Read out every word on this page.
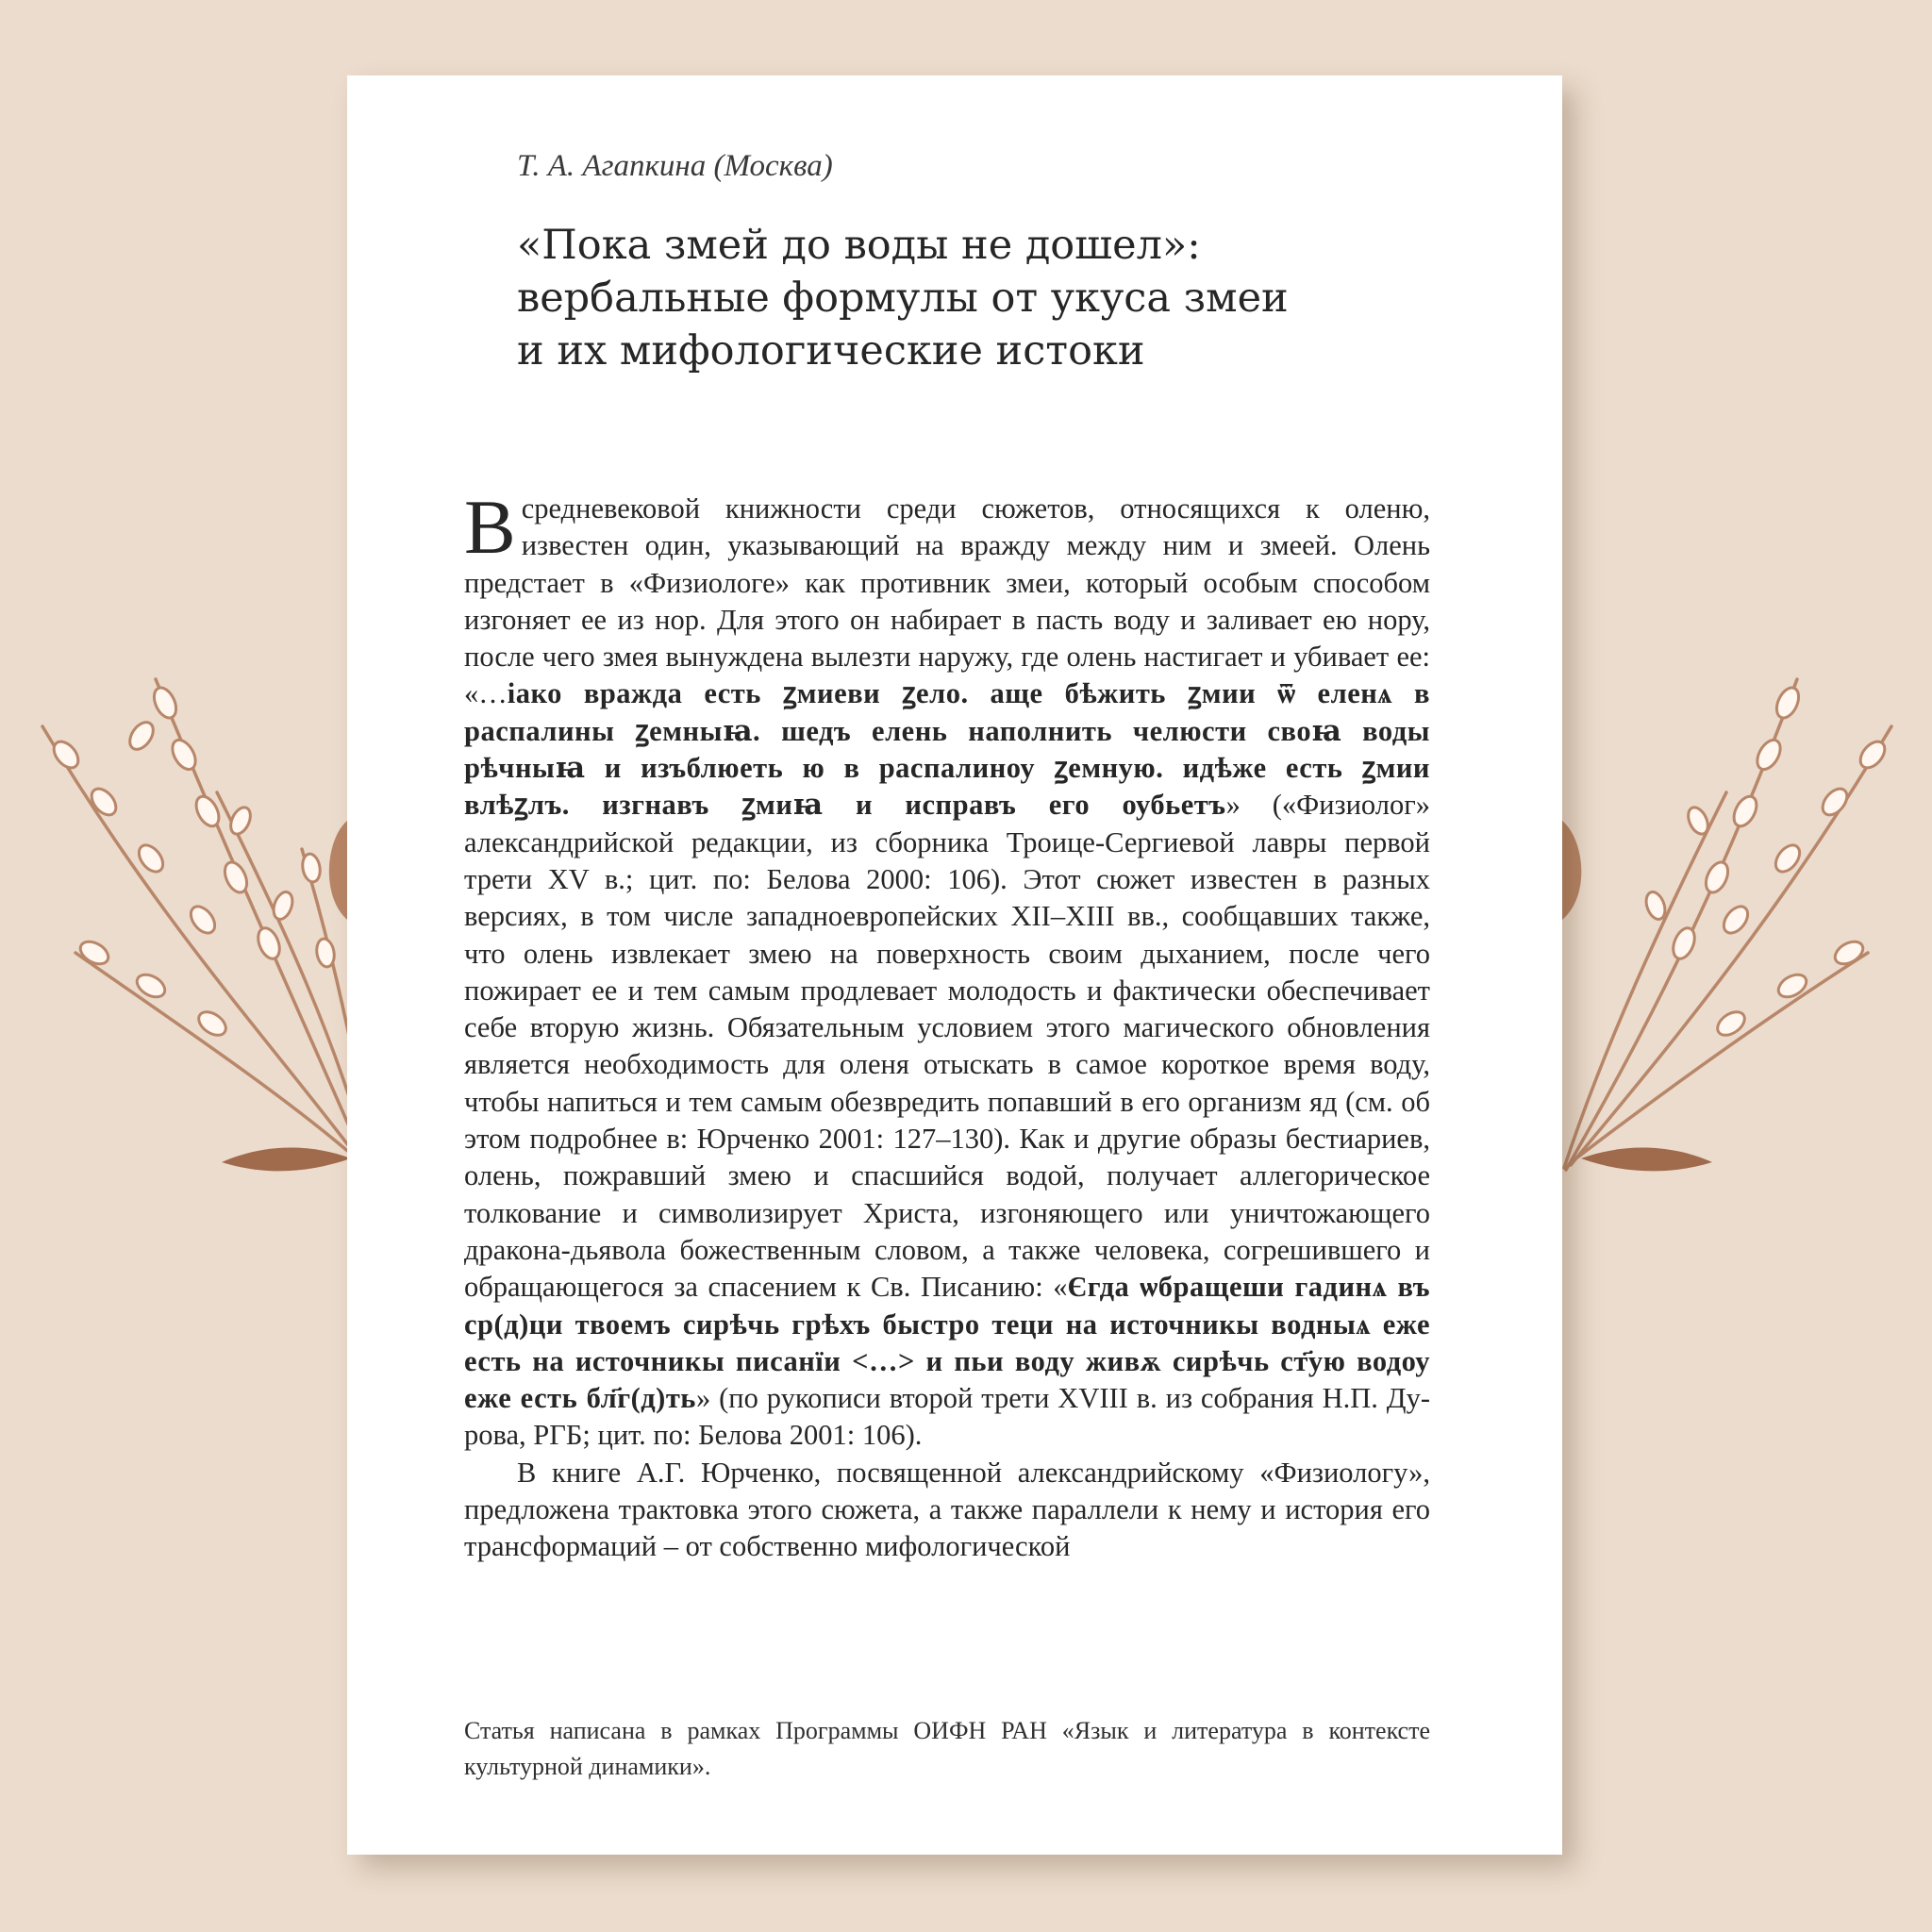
Т. А. Агапкина (Москва)

«Пока змей до воды не дошел»:
вербальные формулы от укуса змеи
и их мифологические истоки

В средневековой книжности среди сюжетов, относящихся к оленю, известен один, указывающий на вражду между ним и змеей. Олень предстает в «Физиологе» как противник змеи, который особым способом изгоняет ее из нор. Для этого он набирает в пасть воду и заливает ею нору, после чего змея вынуждена вылезти наружу, где олень настигает и убивает ее: «…іако вражда есть ꙁмиеви ꙁело. аще бѣжить ꙁмии ѿ еленѧ в распалины ꙁемныꙗ. шедъ елень наполнить челюсти своꙗ воды рѣчныꙗ и изъблюеть ю в распалиноу ꙁемную. идѣже есть ꙁмии влѣꙁлъ. изгнавъ ꙁмиꙗ и исправъ его оубьетъ» («Физиолог» александрийской редакции, из сборника Троице-Сергиевой лавры первой трети XV в.; цит. по: Белова 2000: 106). Этот сюжет известен в разных версиях, в том числе западноевропейских XII–XIII вв., сообщавших также, что олень извлекает змею на поверхность своим дыханием, после чего пожирает ее и тем самым продлевает молодость и фактически обеспечивает себе вторую жизнь. Обязательным условием этого магического обновления является необходимость для оленя отыскать в самое короткое время воду, чтобы напиться и тем самым обезвредить попавший в его организм яд (см. об этом подробнее в: Юрченко 2001: 127–130). Как и другие образы бестиариев, олень, пожравший змею и спасшийся водой, получает аллегорическое толкование и символизирует Христа, изгоняющего или уничтожающего дракона-дьявола божественным словом, а также человека, согрешившего и обращающегося за спасением к Св. Писанию: «Єгда ѡбращеши гадинѧ въ ср(д)ци твоемъ сирѣчь грѣхъ быстро теци на источникы водныѧ еже есть на источникы писанїи <…> и пьи воду живѫ сирѣчь ст҃ую водоу еже есть бл҃г(д)ть» (по рукописи второй трети XVIII в. из собрания Н.П. Дурова, РГБ; цит. по: Белова 2001: 106).

В книге А.Г. Юрченко, посвященной александрийскому «Физиологу», предложена трактовка этого сюжета, а также параллели к нему и история его трансформаций – от собственно мифологической

Статья написана в рамках Программы ОИФН РАН «Язык и литература в контексте культурной динамики».
